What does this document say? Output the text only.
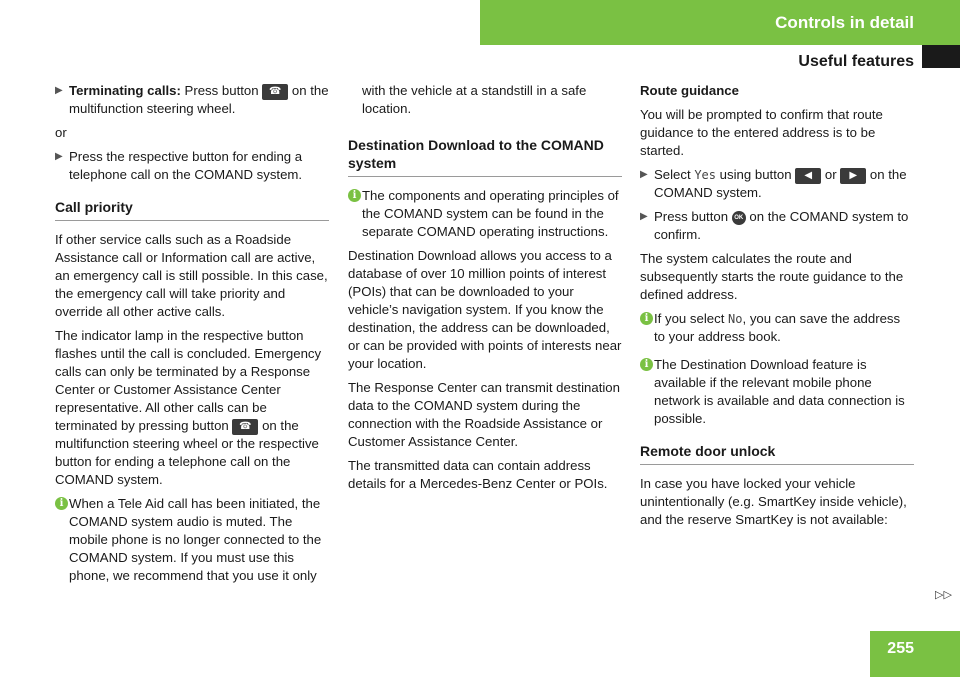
Controls in detail
Useful features
▶ Terminating calls: Press button ☎ on the multifunction steering wheel.

or

▶ Press the respective button for ending a telephone call on the COMAND system.
Call priority

If other service calls such as a Roadside Assistance call or Information call are active, an emergency call is still possible. In this case, the emergency call will take priority and override all other active calls.

The indicator lamp in the respective button flashes until the call is concluded. Emergency calls can only be terminated by a Response Center or Customer Assistance Center representative. All other calls can be terminated by pressing button ☎ on the multifunction steering wheel or the respective button for ending a telephone call on the COMAND system.

i When a Tele Aid call has been initiated, the COMAND system audio is muted. The mobile phone is no longer connected to the COMAND system. If you must use this phone, we recommend that you use it only

with the vehicle at a standstill in a safe location.

Destination Download to the COMAND system
i The components and operating principles of the COMAND system can be found in the separate COMAND operating instructions.

Destination Download allows you access to a database of over 10 million points of interest (POIs) that can be downloaded to your vehicle’s navigation system. If you know the destination, the address can be downloaded, or can be provided with points of interests near your location.

The Response Center can transmit destination data to the COMAND system during the connection with the Roadside Assistance or Customer Assistance Center.

The transmitted data can contain address details for a Mercedes-Benz Center or POIs.

Route guidance

You will be prompted to confirm that route guidance to the entered address is to be started.

▶ Select Yes using button ◀ or ▶ on the COMAND system.
▶ Press button OK on the COMAND system to confirm.

The system calculates the route and subsequently starts the route guidance to the defined address.

i If you select No, you can save the address to your address book.
i The Destination Download feature is available if the relevant mobile phone network is available and data connection is possible.
Remote door unlock

In case you have locked your vehicle unintentionally (e.g. SmartKey inside vehicle), and the reserve SmartKey is not available:

▷▷
255
